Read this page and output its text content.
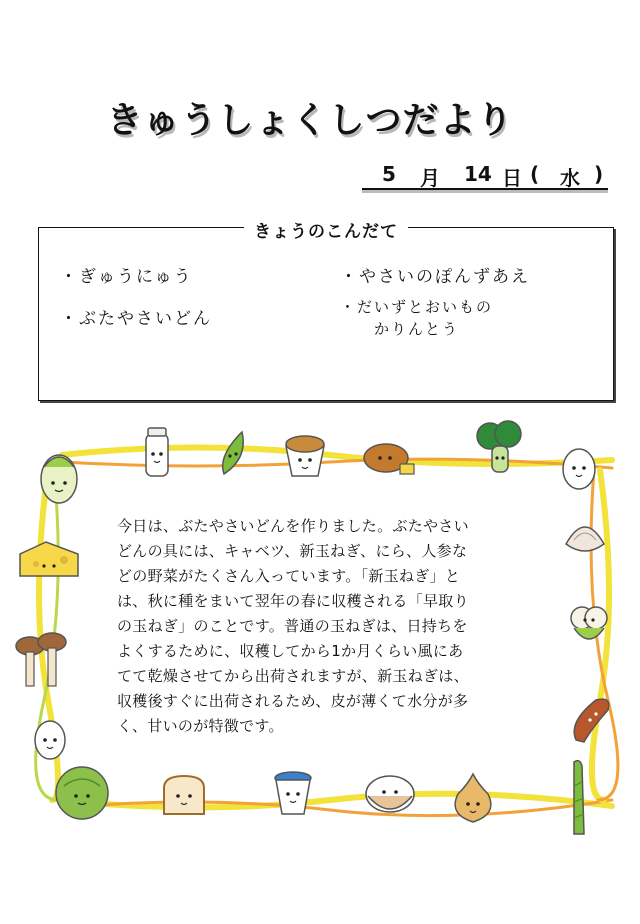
きゅうしょくしつだより
5 月 14 日 ( 水 )
きょうのこんだて
・ぎゅうにゅう
・ぶたやさいどん
・やさいのぽんずあえ
・だいずとおいもの
かりんとう
今日は、ぶたやさいどんを作りました。ぶたやさい
どんの具には、キャベツ、新玉ねぎ、にら、人参な
どの野菜がたくさん入っています。「新玉ねぎ」と
は、秋に種をまいて翌年の春に収穫される「早取り
の玉ねぎ」のことです。普通の玉ねぎは、日持ちを
よくするために、収穫してから1か月くらい風にあ
てて乾燥させてから出荷されますが、新玉ねぎは、
収穫後すぐに出荷されるため、皮が薄くて水分が多
く、甘いのが特徴です。
